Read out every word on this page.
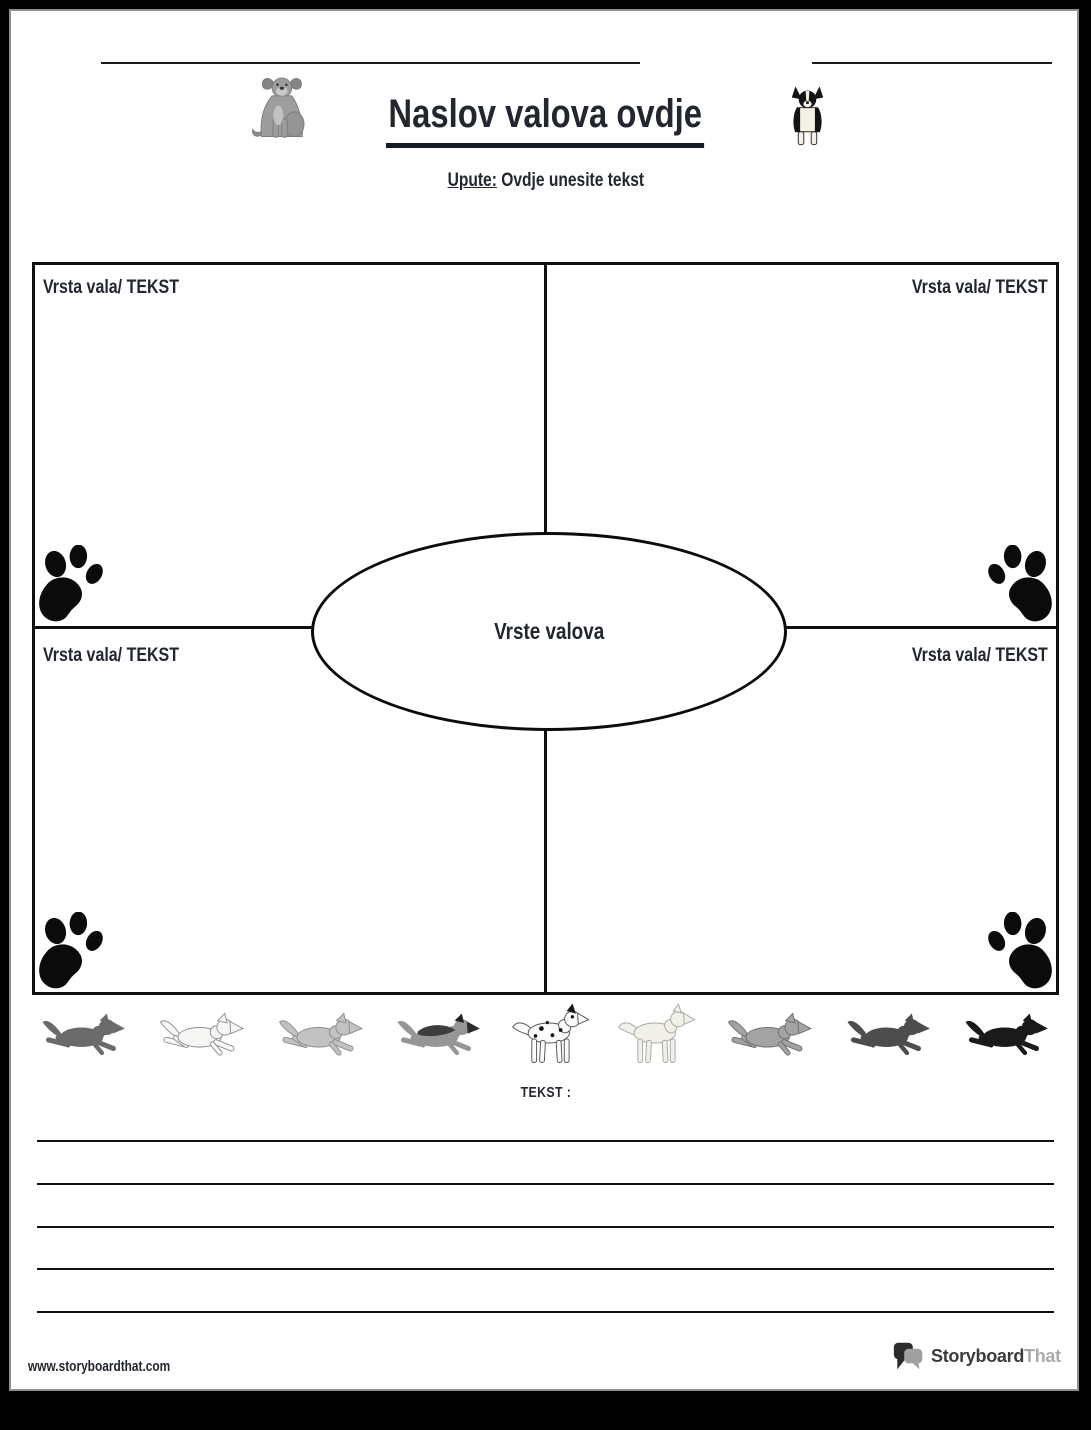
Naslov valova ovdje
Upute: Ovdje unesite tekst
Vrsta vala/ TEKST	Vrsta vala/ TEKST
Vrsta vala/ TEKST	Vrsta vala/ TEKST
Vrste valova
TEKST :
www.storyboardthat.com
Storyboard That
